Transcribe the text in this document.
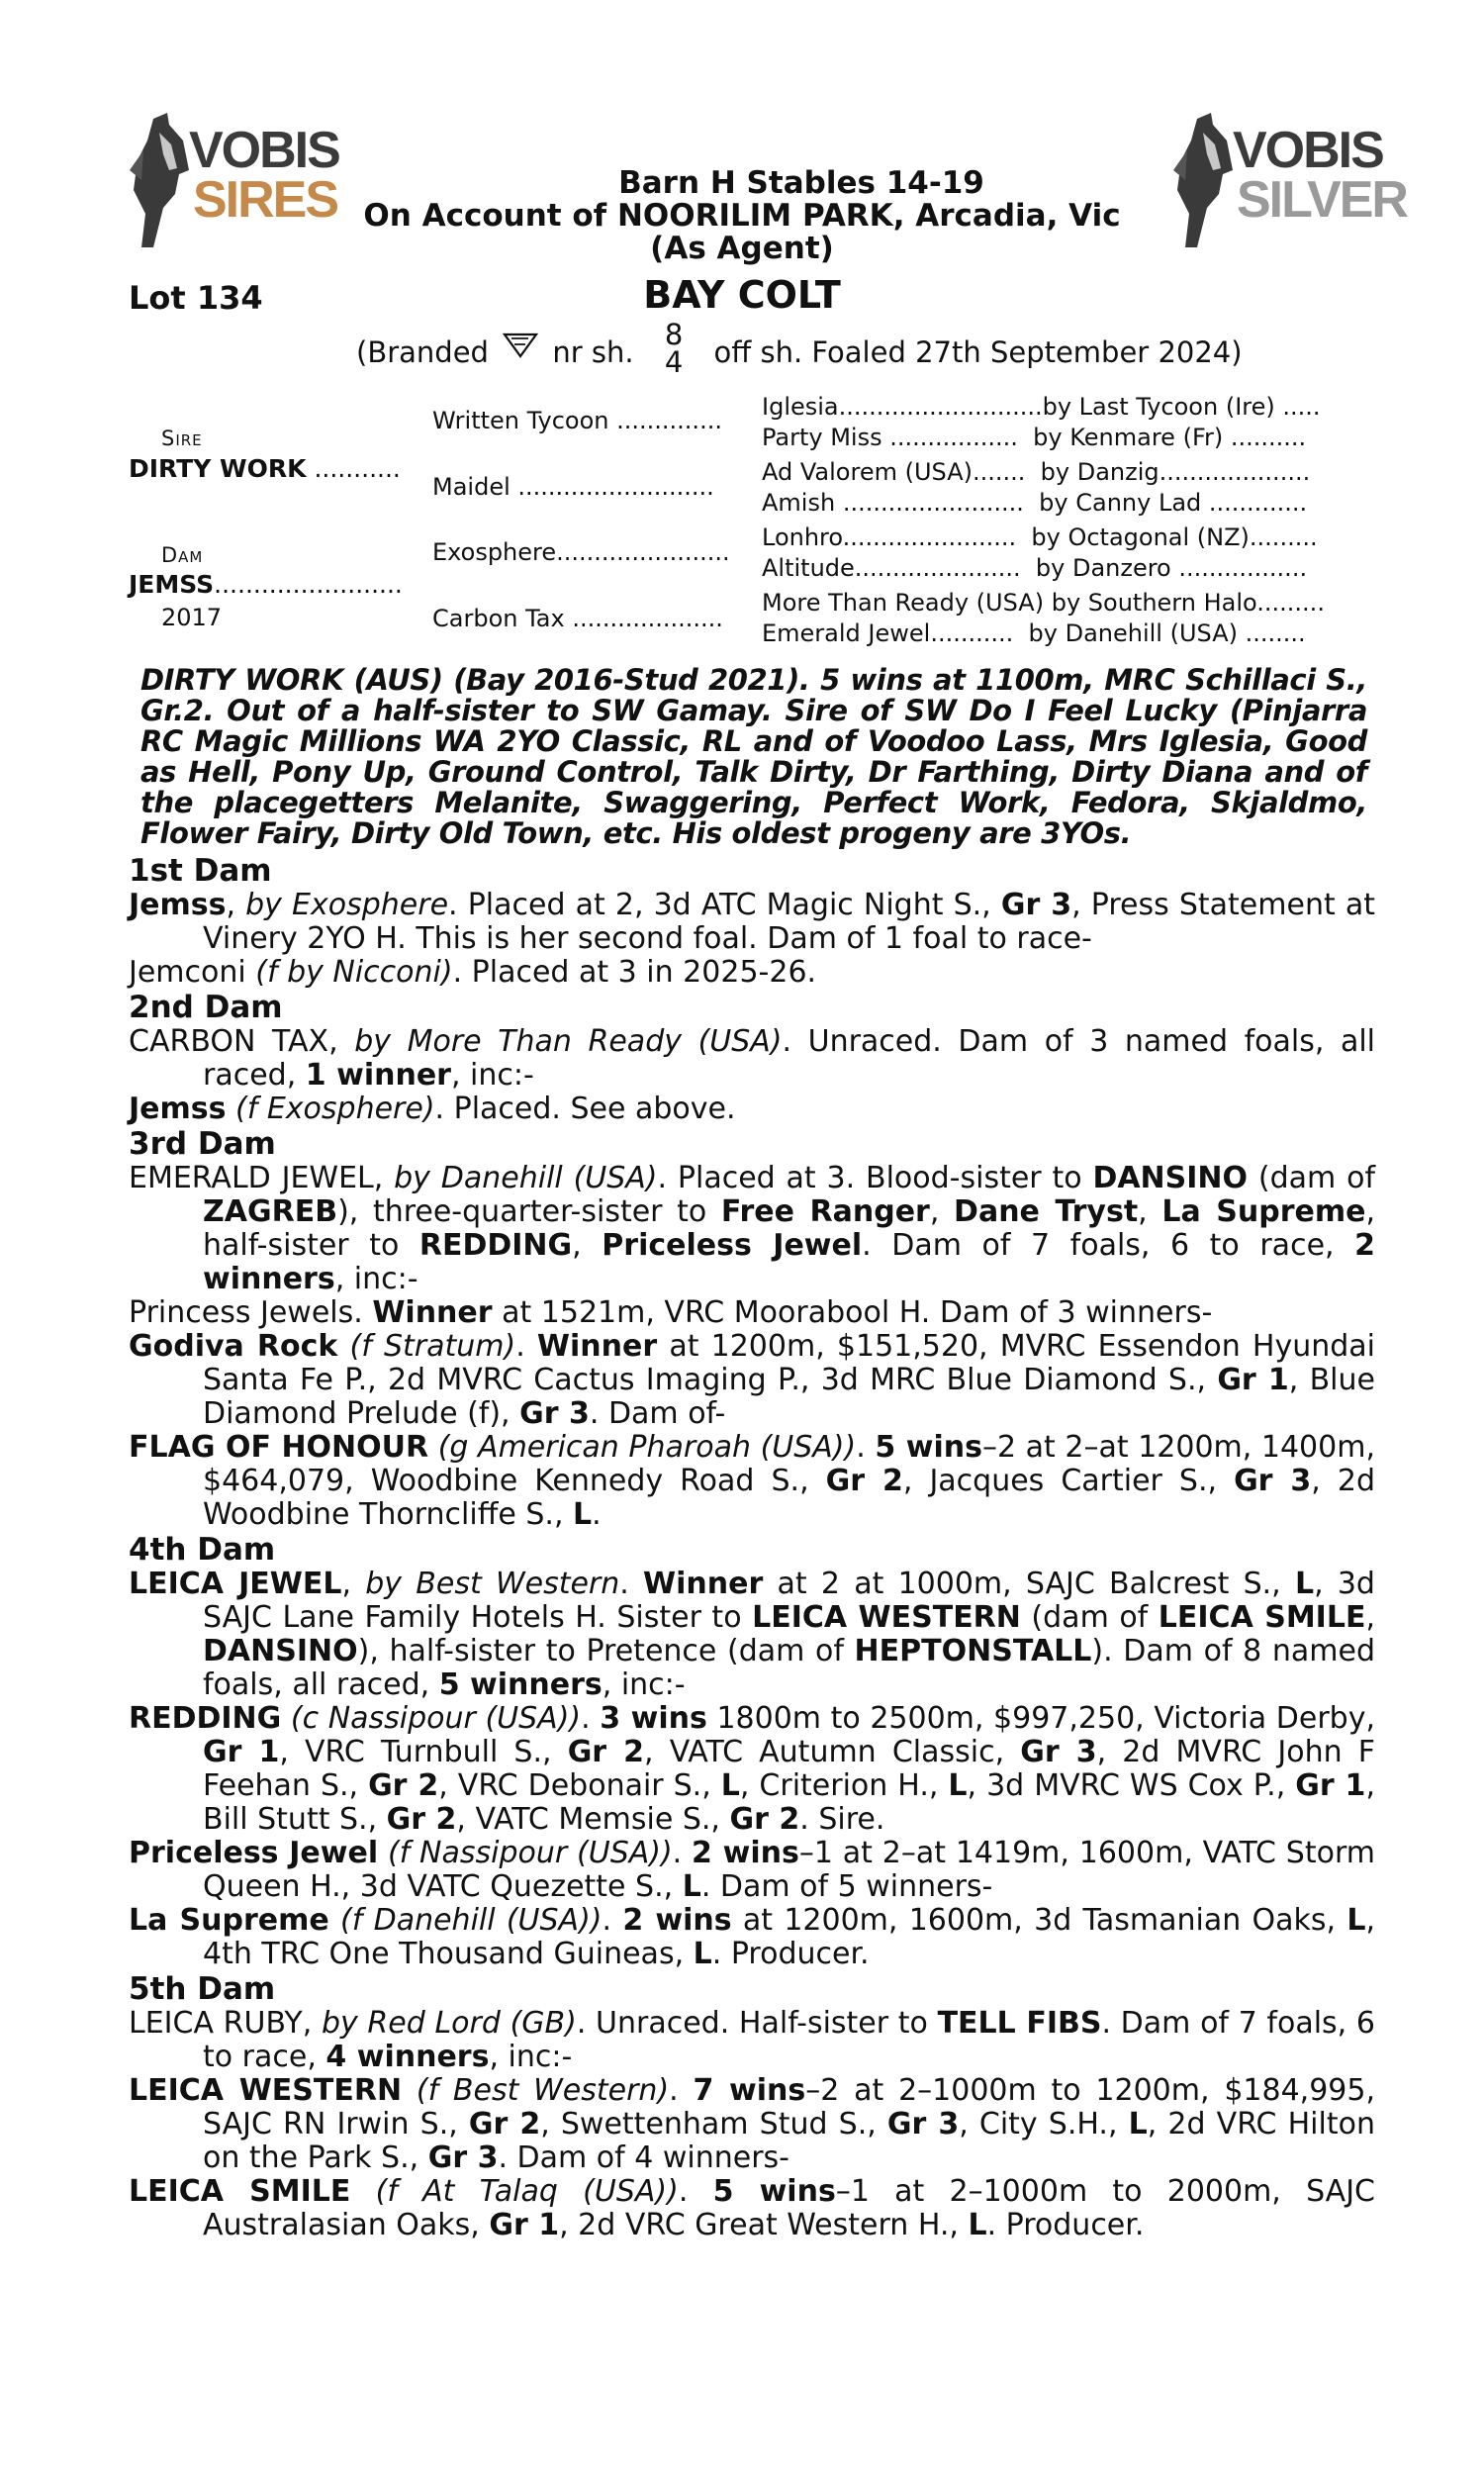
VOBIS
SIRES
VOBIS
SILVER
Barn H Stables 14-19
On Account of NOORILIM PARK, Arcadia, Vic
(As Agent)
Lot 134	BAY COLT
(Branded nr sh.
8
4 off sh. Foaled 27th September 2024)
Sire
DIRTY WORK ...........
Dam
JEMSS........................
2017
Written Tycoon ..............
Maidel ..........................
Exosphere.......................
Carbon Tax ....................
Iglesia...........................by Last Tycoon (Ire) .....
Party Miss .................  by Kenmare (Fr) ..........
Ad Valorem (USA).......  by Danzig....................
Amish ........................  by Canny Lad .............
Lonhro.......................  by Octagonal (NZ).........
Altitude......................  by Danzero .................
More Than Ready (USA) by Southern Halo.........
Emerald Jewel...........  by Danehill (USA) ........

DIRTY WORK (AUS) (Bay 2016-Stud 2021). 5 wins at 1100m, MRC Schillaci S., Gr.2. Out of a half-sister to SW Gamay. Sire of SW Do I Feel Lucky (Pinjarra RC Magic Millions WA 2YO Classic, RL and of Voodoo Lass, Mrs Iglesia, Good as Hell, Pony Up, Ground Control, Talk Dirty, Dr Farthing, Dirty Diana and of the placegetters Melanite, Swaggering, Perfect Work, Fedora, Skjaldmo, Flower Fairy, Dirty Old Town, etc. His oldest progeny are 3YOs.

1st Dam

Jemss, by Exosphere. Placed at 2, 3d ATC Magic Night S., Gr 3, Press Statement at Vinery 2YO H. This is her second foal. Dam of 1 foal to race-

Jemconi (f by Nicconi). Placed at 3 in 2025-26.

2nd Dam

CARBON TAX, by More Than Ready (USA). Unraced. Dam of 3 named foals, all raced, 1 winner, inc:-

Jemss (f Exosphere). Placed. See above.

3rd Dam

EMERALD JEWEL, by Danehill (USA). Placed at 3. Blood-sister to DANSINO (dam of ZAGREB), three-quarter-sister to Free Ranger, Dane Tryst, La Supreme, half-sister to REDDING, Priceless Jewel. Dam of 7 foals, 6 to race, 2 winners, inc:-

Princess Jewels. Winner at 1521m, VRC Moorabool H. Dam of 3 winners-

Godiva Rock (f Stratum). Winner at 1200m, $151,520, MVRC Essendon Hyundai Santa Fe P., 2d MVRC Cactus Imaging P., 3d MRC Blue Diamond S., Gr 1, Blue Diamond Prelude (f), Gr 3. Dam of-

FLAG OF HONOUR (g American Pharoah (USA)). 5 wins–2 at 2–at 1200m, 1400m, $464,079, Woodbine Kennedy Road S., Gr 2, Jacques Cartier S., Gr 3, 2d Woodbine Thorncliffe S., L.

4th Dam

LEICA JEWEL, by Best Western. Winner at 2 at 1000m, SAJC Balcrest S., L, 3d SAJC Lane Family Hotels H. Sister to LEICA WESTERN (dam of LEICA SMILE, DANSINO), half-sister to Pretence (dam of HEPTONSTALL). Dam of 8 named foals, all raced, 5 winners, inc:-

REDDING (c Nassipour (USA)). 3 wins 1800m to 2500m, $997,250, Victoria Derby, Gr 1, VRC Turnbull S., Gr 2, VATC Autumn Classic, Gr 3, 2d MVRC John F Feehan S., Gr 2, VRC Debonair S., L, Criterion H., L, 3d MVRC WS Cox P., Gr 1, Bill Stutt S., Gr 2, VATC Memsie S., Gr 2. Sire.

Priceless Jewel (f Nassipour (USA)). 2 wins–1 at 2–at 1419m, 1600m, VATC Storm Queen H., 3d VATC Quezette S., L. Dam of 5 winners-

La Supreme (f Danehill (USA)). 2 wins at 1200m, 1600m, 3d Tasmanian Oaks, L, 4th TRC One Thousand Guineas, L. Producer.

5th Dam

LEICA RUBY, by Red Lord (GB). Unraced. Half-sister to TELL FIBS. Dam of 7 foals, 6 to race, 4 winners, inc:-

LEICA WESTERN (f Best Western). 7 wins–2 at 2–1000m to 1200m, $184,995, SAJC RN Irwin S., Gr 2, Swettenham Stud S., Gr 3, City S.H., L, 2d VRC Hilton on the Park S., Gr 3. Dam of 4 winners-

LEICA SMILE (f At Talaq (USA)). 5 wins–1 at 2–1000m to 2000m, SAJC Australasian Oaks, Gr 1, 2d VRC Great Western H., L. Producer.
